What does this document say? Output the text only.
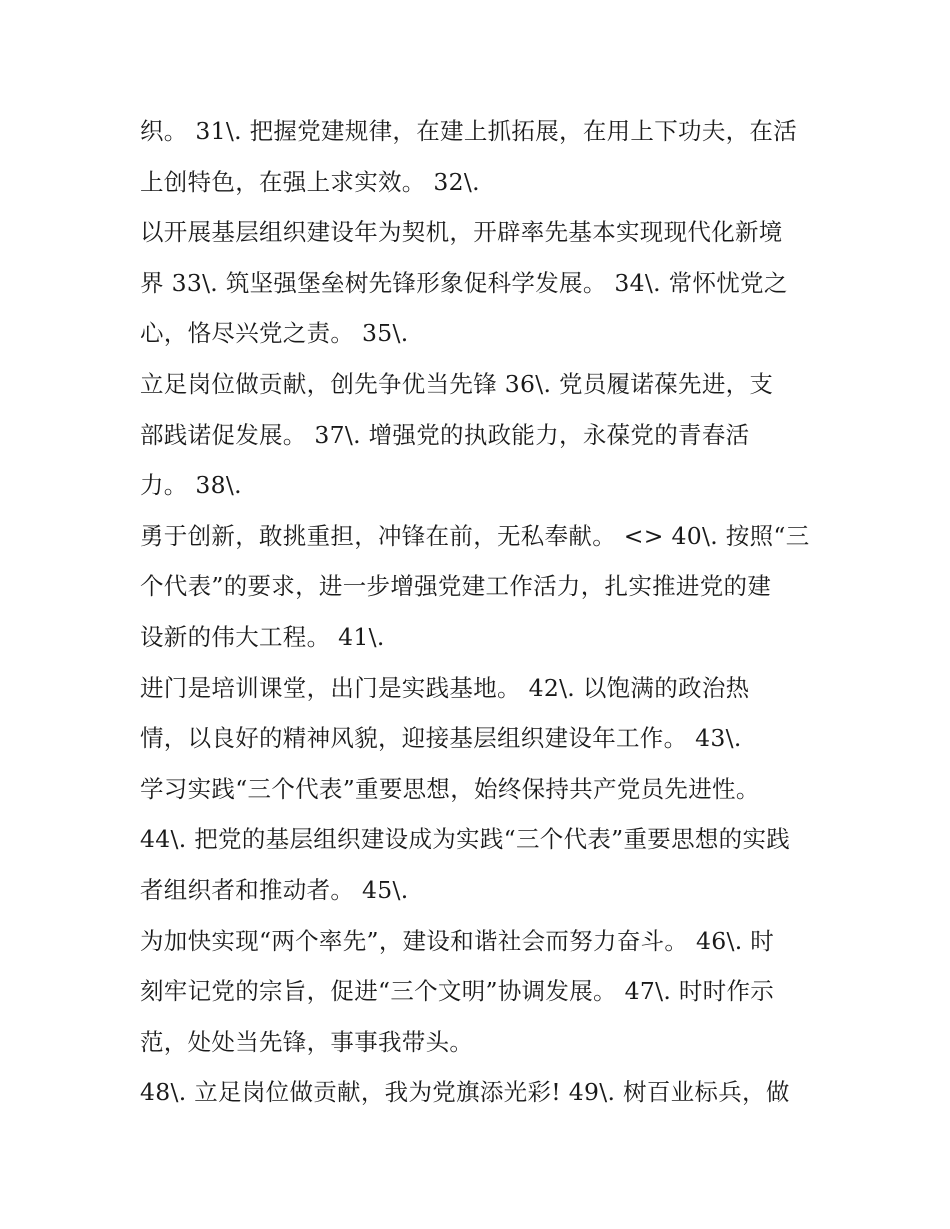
织。 31\. 把握党建规律，在建上抓拓展，在用上下功夫，在活
上创特色，在强上求实效。 32\.
以开展基层组织建设年为契机，开辟率先基本实现现代化新境
界 33\. 筑坚强堡垒树先锋形象促科学发展。 34\. 常怀忧党之
心，恪尽兴党之责。 35\.
立足岗位做贡献，创先争优当先锋 36\. 党员履诺葆先进，支
部践诺促发展。 37\. 增强党的执政能力，永葆党的青春活
力。 38\.
勇于创新，敢挑重担，冲锋在前，无私奉献。 <> 40\. 按照“三
个代表”的要求，进一步增强党建工作活力，扎实推进党的建
设新的伟大工程。 41\.
进门是培训课堂，出门是实践基地。 42\. 以饱满的政治热
情，以良好的精神风貌，迎接基层组织建设年工作。 43\.
学习实践“三个代表”重要思想，始终保持共产党员先进性。
44\. 把党的基层组织建设成为实践“三个代表”重要思想的实践
者组织者和推动者。 45\.
为加快实现“两个率先”，建设和谐社会而努力奋斗。 46\. 时
刻牢记党的宗旨，促进“三个文明”协调发展。 47\. 时时作示
范，处处当先锋，事事我带头。
48\. 立足岗位做贡献，我为党旗添光彩! 49\. 树百业标兵，做
